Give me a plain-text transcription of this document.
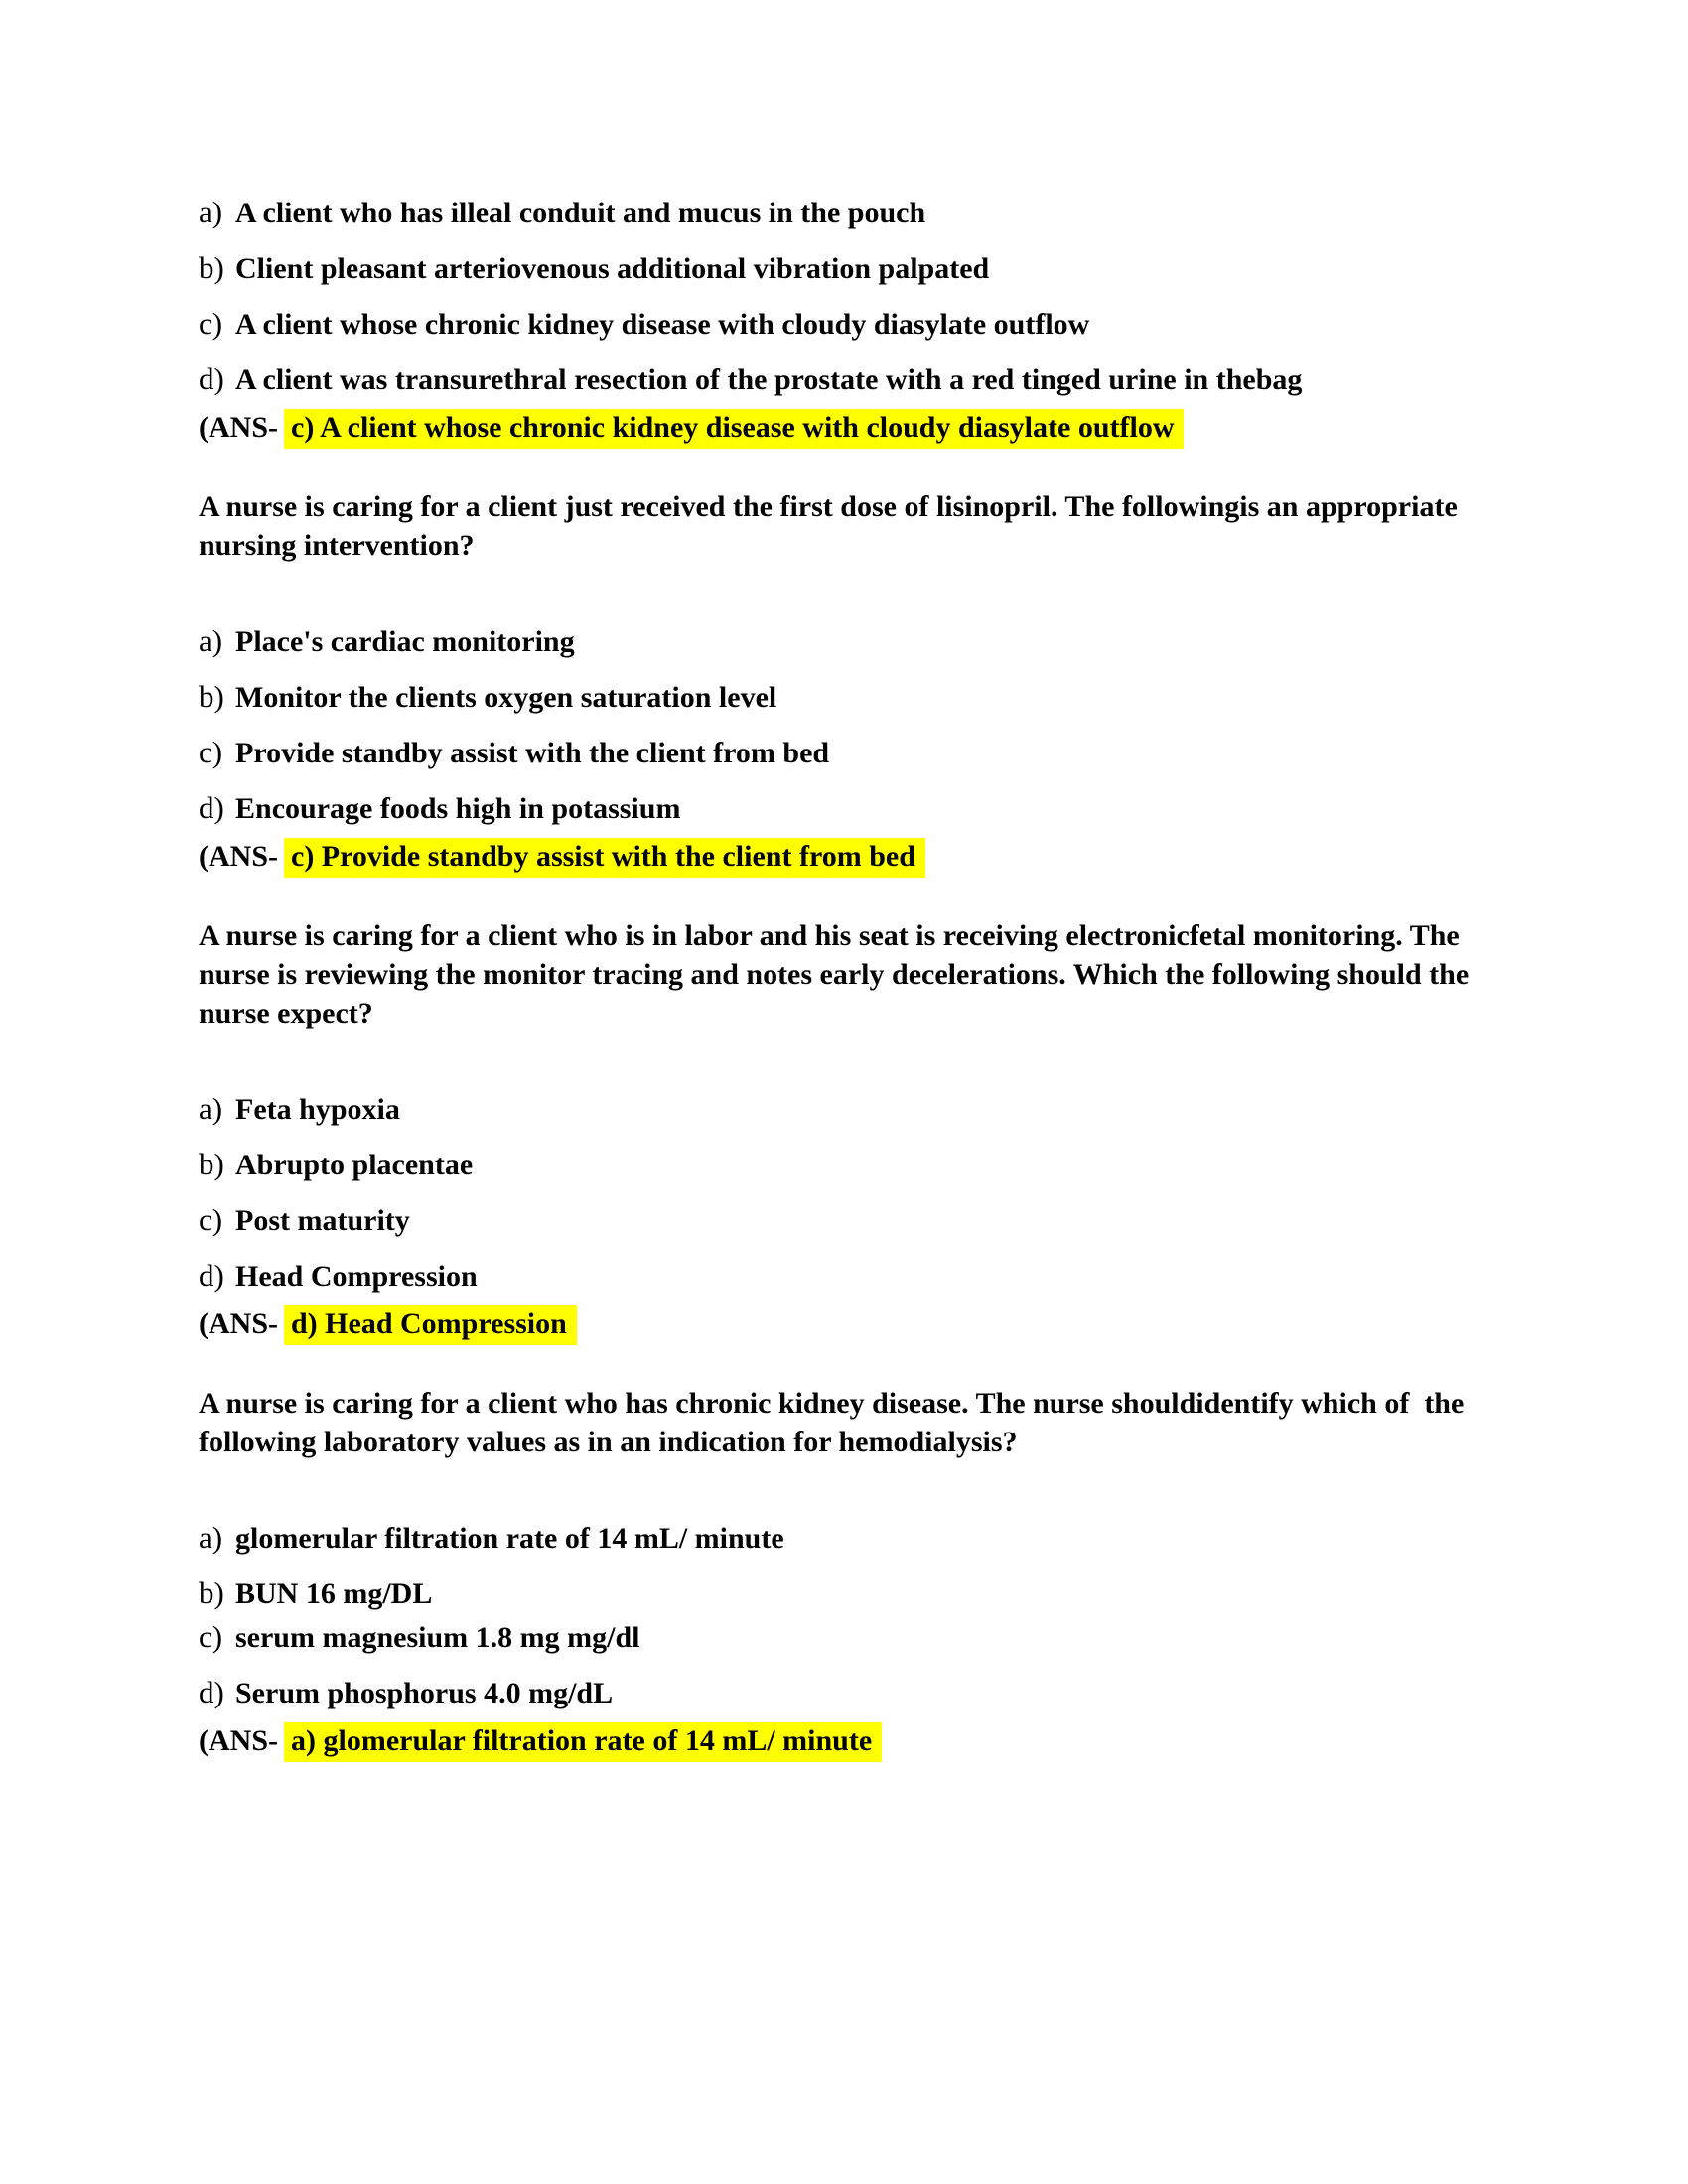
a) A client who has illeal conduit and mucus in the pouch
b) Client pleasant arteriovenous additional vibration palpated
c) A client whose chronic kidney disease with cloudy diasylate outflow
d) A client was transurethral resection of the prostate with a red tinged urine in thebag
(ANS- c) A client whose chronic kidney disease with cloudy diasylate outflow
A nurse is caring for a client just received the first dose of lisinopril. The followingis an appropriate nursing intervention?
a) Place's cardiac monitoring
b) Monitor the clients oxygen saturation level
c) Provide standby assist with the client from bed
d) Encourage foods high in potassium
(ANS- c) Provide standby assist with the client from bed
A nurse is caring for a client who is in labor and his seat is receiving electronicfetal monitoring. The nurse is reviewing the monitor tracing and notes early decelerations. Which the following should the nurse expect?
a) Feta hypoxia
b) Abrupto placentae
c) Post maturity
d) Head Compression
(ANS- d) Head Compression
A nurse is caring for a client who has chronic kidney disease. The nurse shouldidentify which of  the following laboratory values as in an indication for hemodialysis?
a) glomerular filtration rate of 14 mL/ minute
b) BUN 16 mg/DL
c) serum magnesium 1.8 mg mg/dl
d) Serum phosphorus 4.0 mg/dL
(ANS- a) glomerular filtration rate of 14 mL/ minute
